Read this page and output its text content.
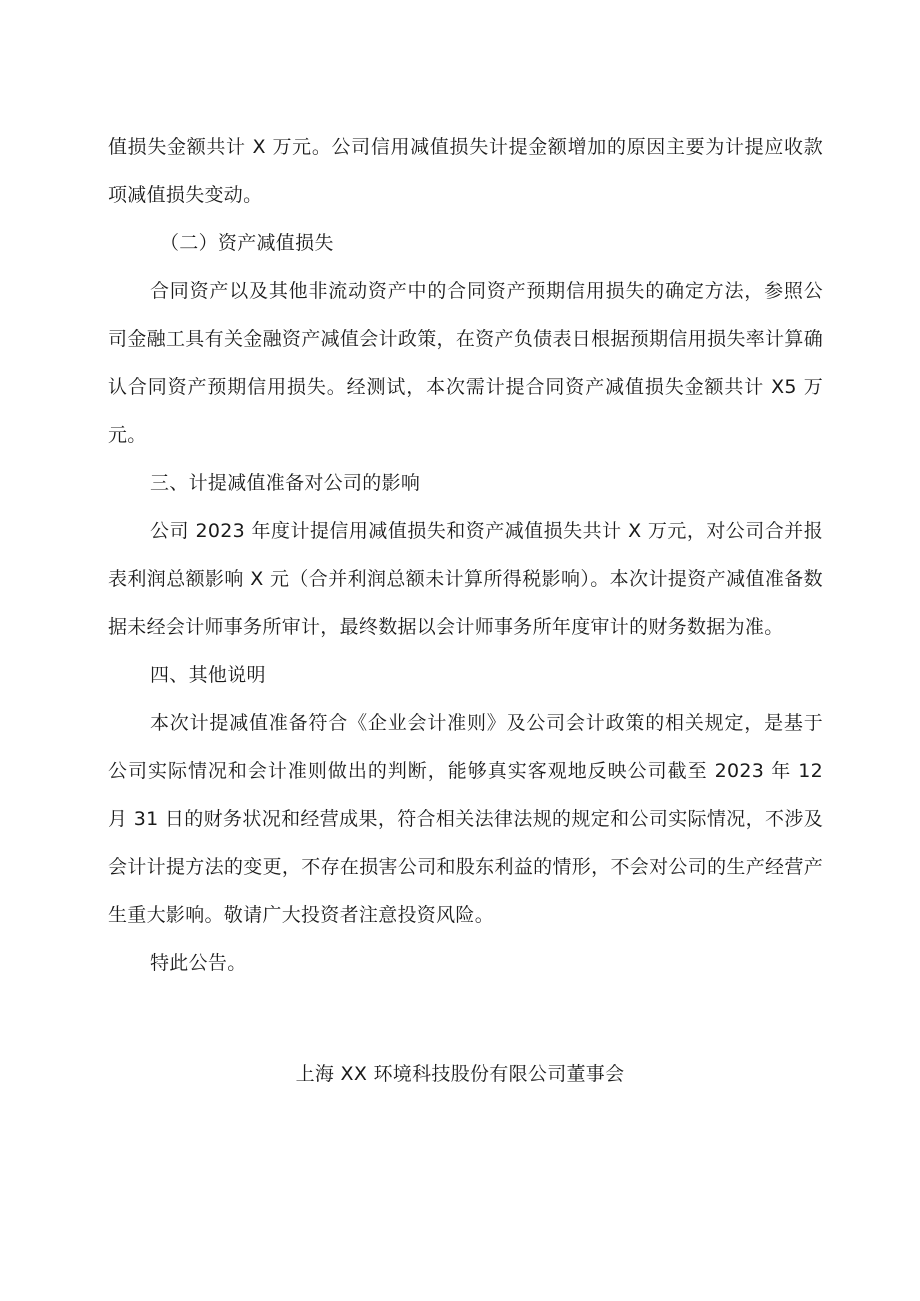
值损失金额共计 X 万元。公司信用减值损失计提金额增加的原因主要为计提应收款项减值损失变动。

（二）资产减值损失

合同资产以及其他非流动资产中的合同资产预期信用损失的确定方法，参照公司金融工具有关金融资产减值会计政策，在资产负债表日根据预期信用损失率计算确认合同资产预期信用损失。经测试，本次需计提合同资产减值损失金额共计 X5 万元。

三、计提减值准备对公司的影响

公司 2023 年度计提信用减值损失和资产减值损失共计 X 万元，对公司合并报表利润总额影响 X 元（合并利润总额未计算所得税影响）。本次计提资产减值准备数据未经会计师事务所审计，最终数据以会计师事务所年度审计的财务数据为准。

四、其他说明

本次计提减值准备符合《企业会计准则》及公司会计政策的相关规定，是基于公司实际情况和会计准则做出的判断，能够真实客观地反映公司截至 2023 年 12 月 31 日的财务状况和经营成果，符合相关法律法规的规定和公司实际情况，不涉及会计计提方法的变更，不存在损害公司和股东利益的情形，不会对公司的生产经营产生重大影响。敬请广大投资者注意投资风险。

特此公告。

上海 XX 环境科技股份有限公司董事会
